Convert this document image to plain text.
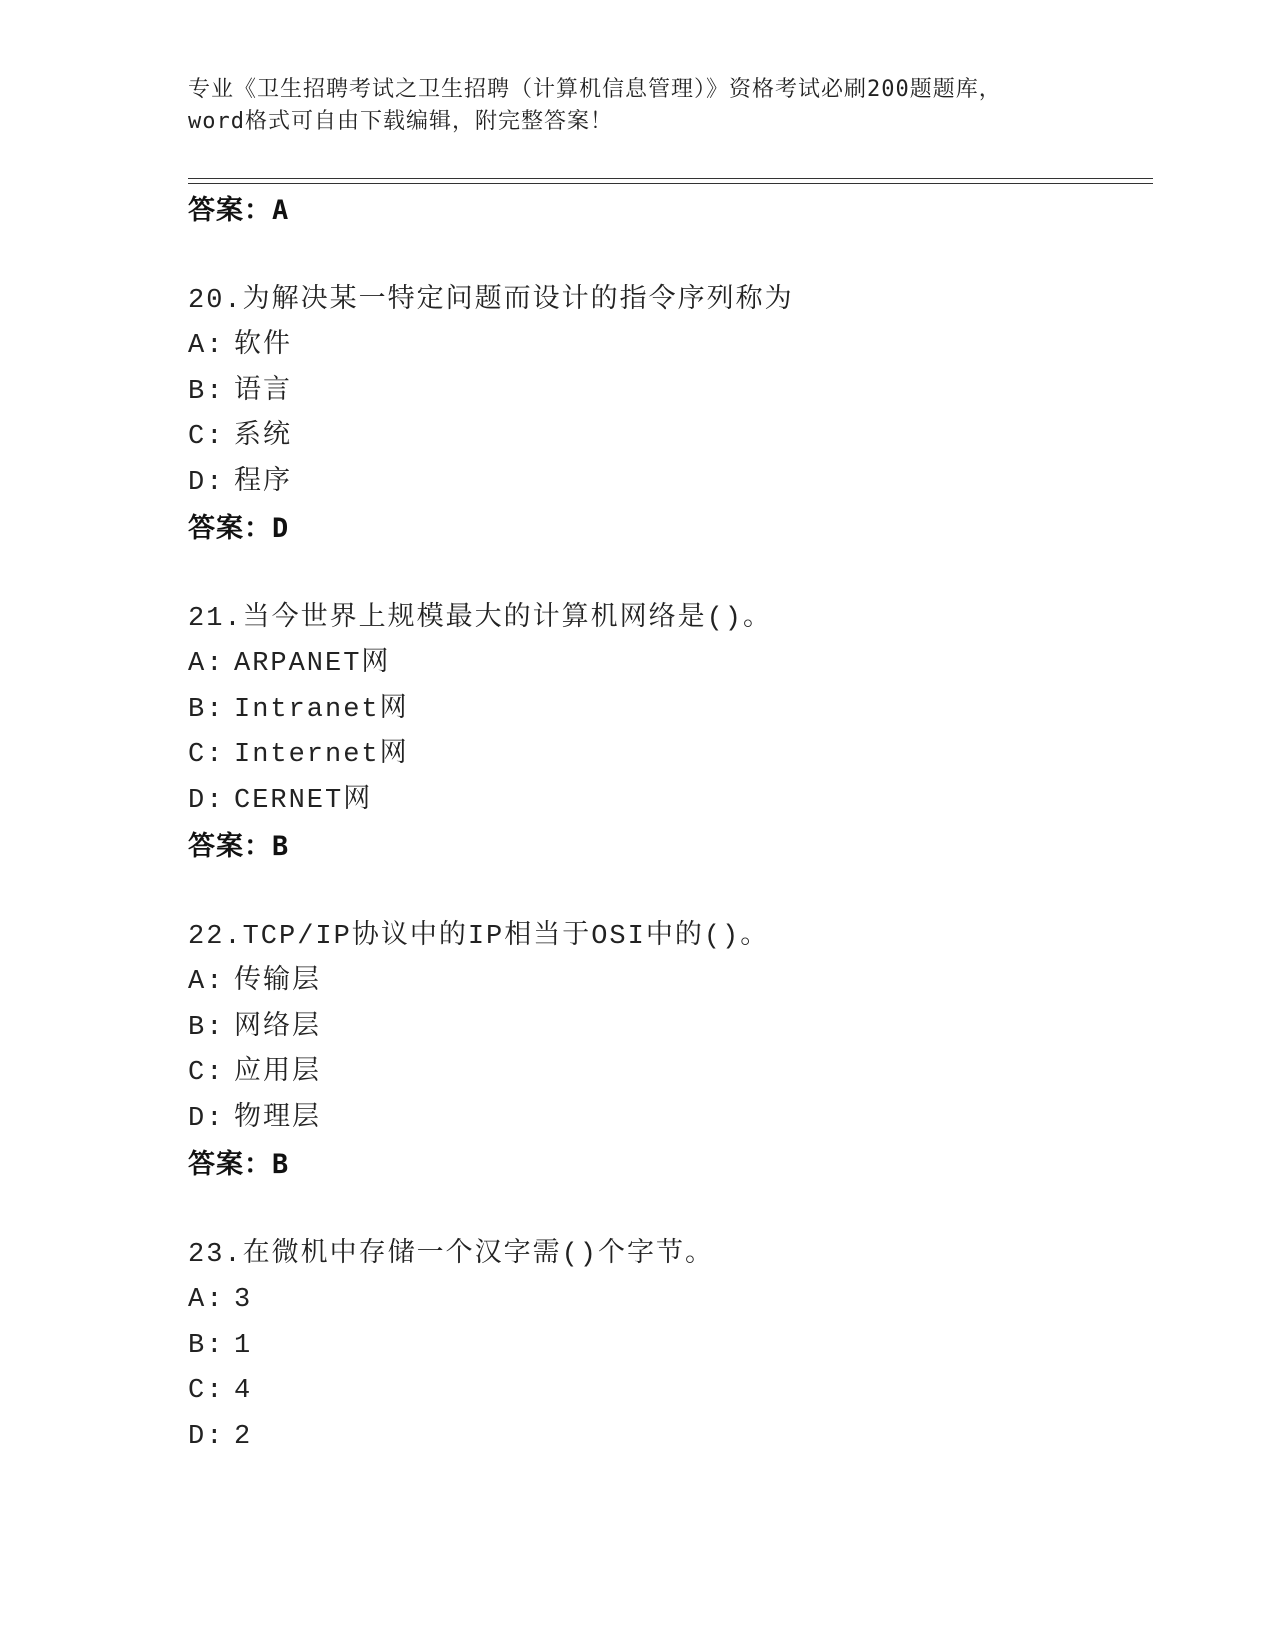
专业《卫生招聘考试之卫生招聘（计算机信息管理）》资格考试必刷200题题库，
word格式可自由下载编辑，附完整答案！
答案：A
20.为解决某一特定问题而设计的指令序列称为
A: 软件
B: 语言
C: 系统
D: 程序
答案：D
21.当今世界上规模最大的计算机网络是()。
A: ARPANET网
B: Intranet网
C: Internet网
D: CERNET网
答案：B
22.TCP/IP协议中的IP相当于OSI中的()。
A: 传输层
B: 网络层
C: 应用层
D: 物理层
答案：B
23.在微机中存储一个汉字需()个字节。
A: 3
B: 1
C: 4
D: 2
